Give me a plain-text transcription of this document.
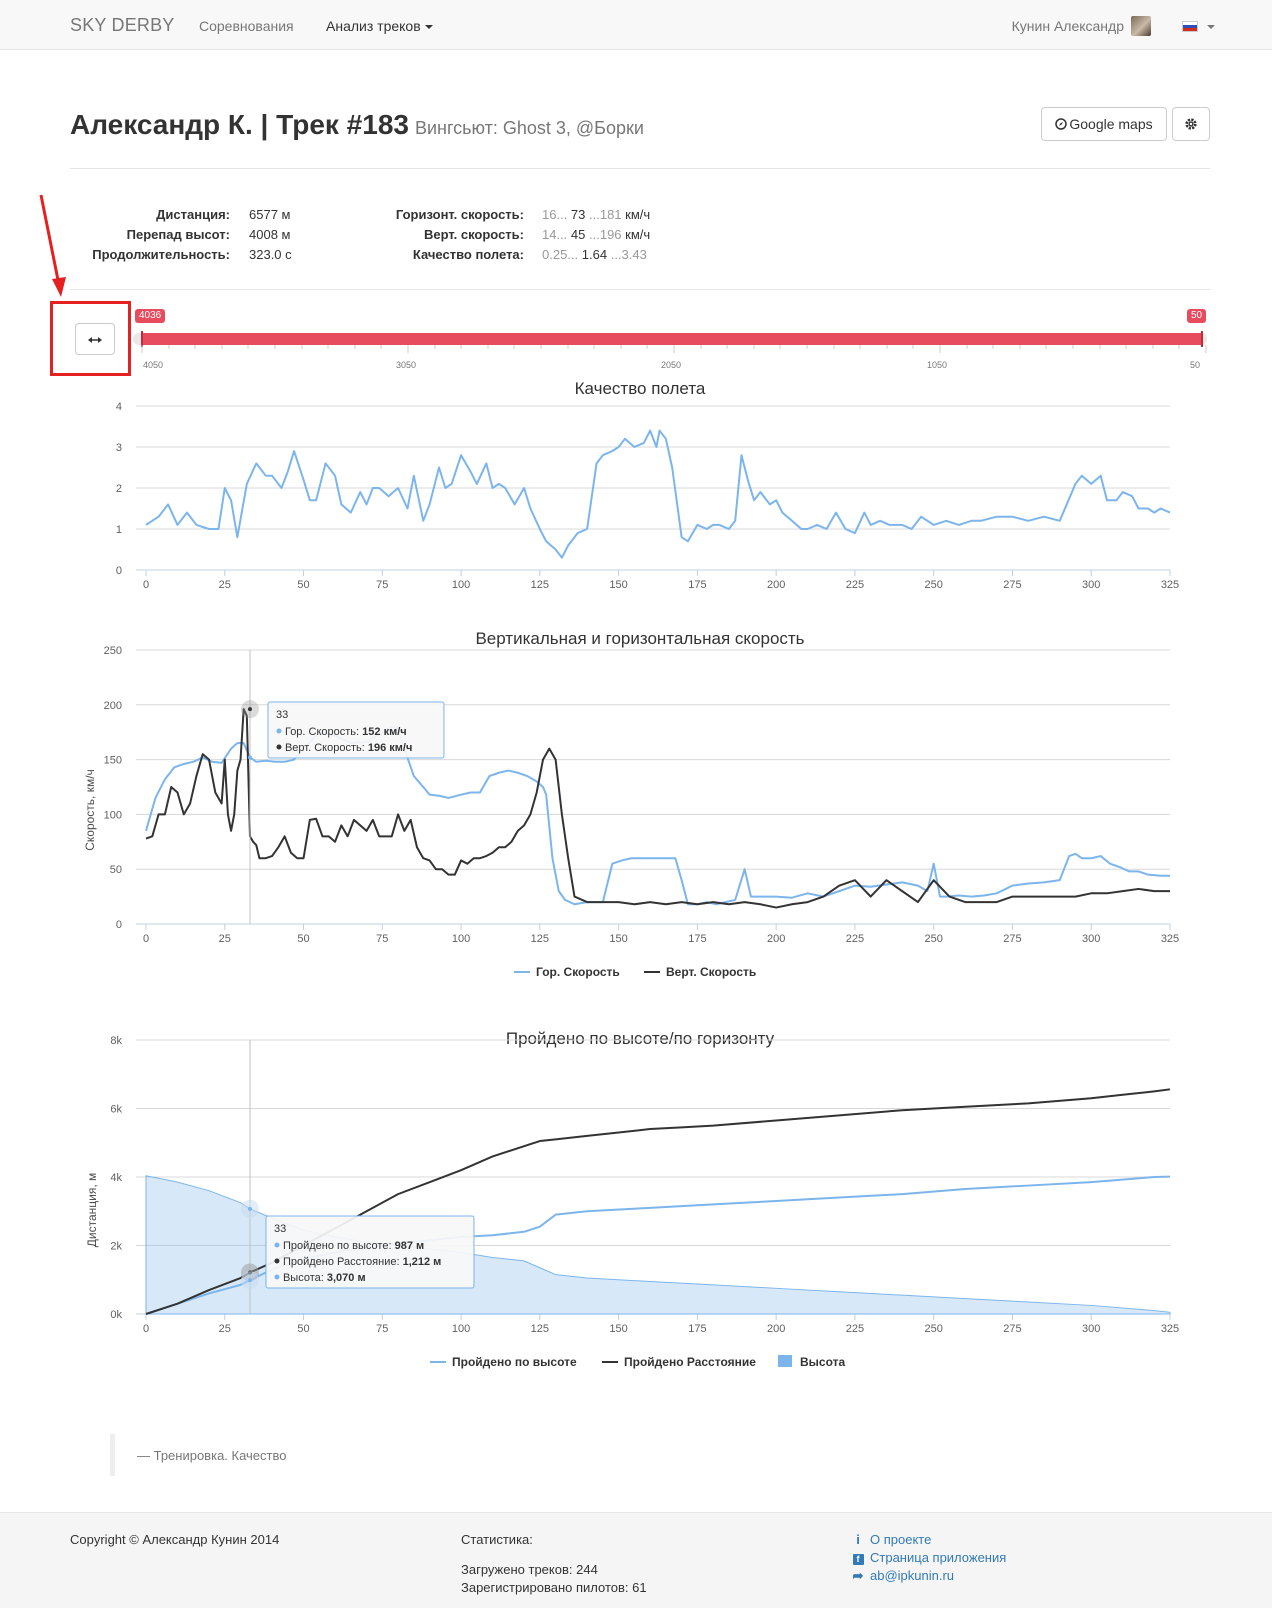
SKY DERBY Соревнования Анализ треков	Кунин Александр
Александр К. | Трек #183 Вингсьют: Ghost 3, @Борки	Google maps
Дистанция: 6577 м
Перепад высот: 4008 м
Продолжительность: 323.0 с
Горизонт. скорость: 16... 73 ...181 км/ч
Верт. скорость: 14... 45 ...196 км/ч
Качество полета: 0.25... 1.64 ...3.43
4036	50
4050	3050	2050	1050	50
Качество полета
0
1
2
3
4
0	25	50	75	100	125	150	175	200	225	250	275	300	325
Вертикальная и горизонтальная скорость
Скорость, км/ч
0
50
100
150
200
250
0	25	50	75	100	125	150	175	200	225	250	275	300	325
33
Гор. Скорость: 152 км/ч
Верт. Скорость: 196 км/ч
Гор. Скорость	Верт. Скорость
Пройдено по высоте/по горизонту
Дистанция, м
0k
2k
4k
6k
8k
0	25	50	75	100	125	150	175	200	225	250	275	300	325
33
Пройдено по высоте: 987 м
Пройдено Расстояние: 1,212 м
Высота: 3,070 м
Пройдено по высоте	Пройдено Расстояние	Высота
— Тренировка. Качество
Copyright © Александр Кунин 2014	Статистика:
Загружено треков: 244
Зарегистрировано пилотов: 61
i О проекте
f Страница приложения
➦ ab@ipkunin.ru
